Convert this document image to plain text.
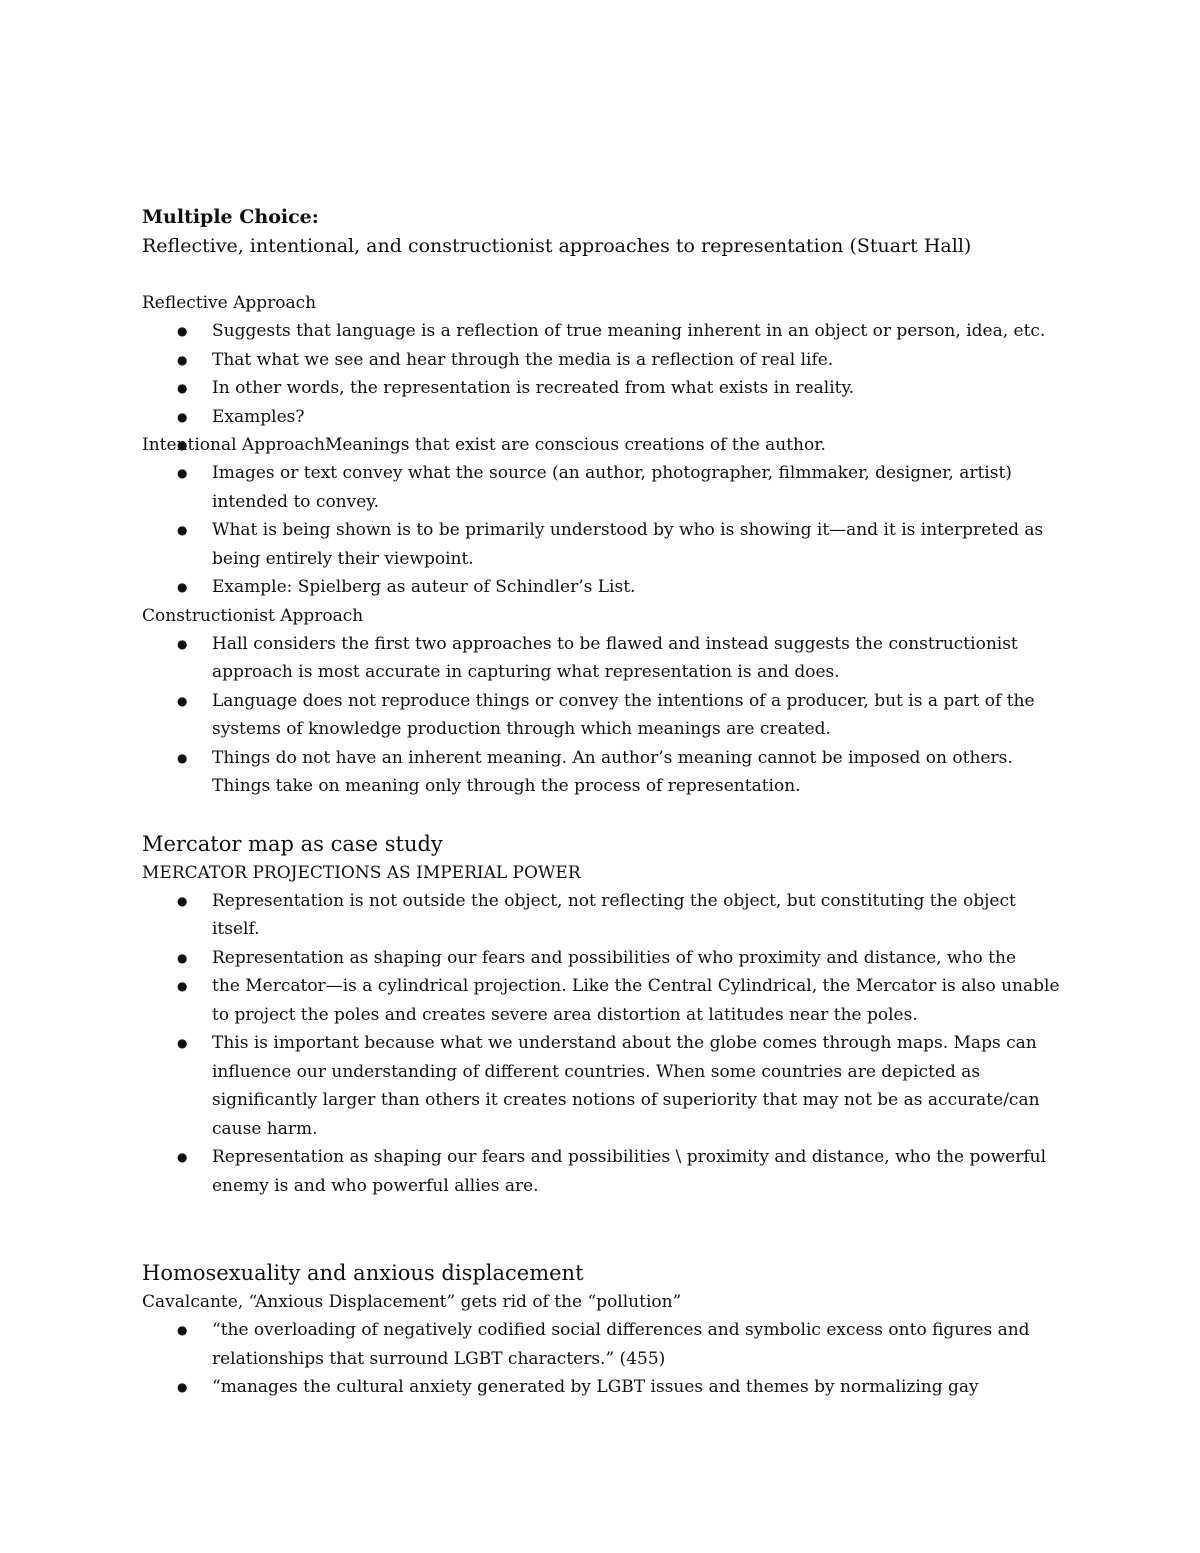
Multiple Choice:

Reflective, intentional, and constructionist approaches to representation (Stuart Hall)

Reflective Approach

● Suggests that language is a reflection of true meaning inherent in an object or person, idea, etc.
● That what we see and hear through the media is a reflection of real life.
● In other words, the representation is recreated from what exists in reality.
● Examples?

Intentional ApproachMeanings that exist are conscious creations of the author.

● Images or text convey what the source (an author, photographer, filmmaker, designer, artist) intended to convey.
● What is being shown is to be primarily understood by who is showing it—and it is interpreted as being entirely their viewpoint.
● Example: Spielberg as auteur of Schindler’s List.

Constructionist Approach

● Hall considers the first two approaches to be flawed and instead suggests the constructionist approach is most accurate in capturing what representation is and does.
● Language does not reproduce things or convey the intentions of a producer, but is a part of the systems of knowledge production through which meanings are created.
● Things do not have an inherent meaning. An author’s meaning cannot be imposed on others. Things take on meaning only through the process of representation.

Mercator map as case study

MERCATOR PROJECTIONS AS IMPERIAL POWER

● Representation is not outside the object, not reflecting the object, but constituting the object itself.
● Representation as shaping our fears and possibilities of who proximity and distance, who the
● the Mercator—is a cylindrical projection. Like the Central Cylindrical, the Mercator is also unable to project the poles and creates severe area distortion at latitudes near the poles.
● This is important because what we understand about the globe comes through maps. Maps can influence our understanding of different countries. When some countries are depicted as significantly larger than others it creates notions of superiority that may not be as accurate/can cause harm.
● Representation as shaping our fears and possibilities \ proximity and distance, who the powerful enemy is and who powerful allies are.

Homosexuality and anxious displacement

Cavalcante, “Anxious Displacement” gets rid of the “pollution”

● “the overloading of negatively codified social differences and symbolic excess onto figures and relationships that surround LGBT characters.” (455)
● “manages the cultural anxiety generated by LGBT issues and themes by normalizing gay
